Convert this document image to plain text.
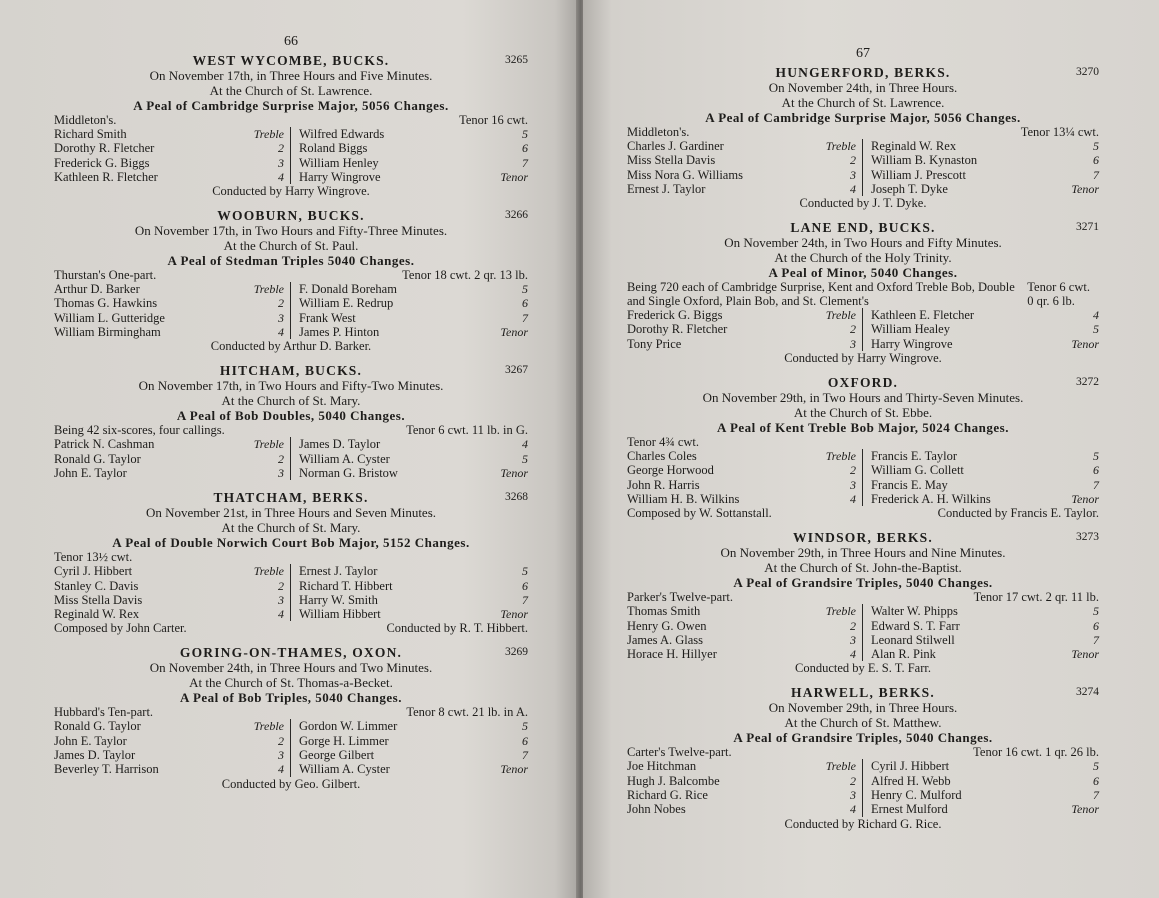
66
WEST WYCOMBE, BUCKS.	3265
On November 17th, in Three Hours and Five Minutes.
At the Church of St. Lawrence.
A Peal of Cambridge Surprise Major, 5056 Changes.
Middleton's.	Tenor 16 cwt.
Richard Smith	Treble Wilfred Edwards	5
Dorothy R. Fletcher	2 Roland Biggs	6
Frederick G. Biggs	3 William Henley	7
Kathleen R. Fletcher	4 Harry Wingrove	Tenor
Conducted by Harry Wingrove.
WOOBURN, BUCKS.	3266
On November 17th, in Two Hours and Fifty-Three Minutes.
At the Church of St. Paul.
A Peal of Stedman Triples 5040 Changes.
Thurstan's One-part.	Tenor 18 cwt. 2 qr. 13 lb.
Arthur D. Barker	Treble F. Donald Boreham	5
Thomas G. Hawkins	2 William E. Redrup	6
William L. Gutteridge	3 Frank West	7
William Birmingham	4 James P. Hinton	Tenor
Conducted by Arthur D. Barker.
HITCHAM, BUCKS.	3267
On November 17th, in Two Hours and Fifty-Two Minutes.
At the Church of St. Mary.
A Peal of Bob Doubles, 5040 Changes.
Being 42 six-scores, four callings.	Tenor 6 cwt. 11 lb. in G.
Patrick N. Cashman	Treble James D. Taylor	4
Ronald G. Taylor	2 William A. Cyster	5
John E. Taylor	3 Norman G. Bristow	Tenor
THATCHAM, BERKS.	3268
On November 21st, in Three Hours and Seven Minutes.
At the Church of St. Mary.
A Peal of Double Norwich Court Bob Major, 5152 Changes.
Tenor 13½ cwt.
Cyril J. Hibbert	Treble Ernest J. Taylor	5
Stanley C. Davis	2 Richard T. Hibbert	6
Miss Stella Davis	3 Harry W. Smith	7
Reginald W. Rex	4 William Hibbert	Tenor
Composed by John Carter.	Conducted by R. T. Hibbert.
GORING-ON-THAMES, OXON.	3269
On November 24th, in Three Hours and Two Minutes.
At the Church of St. Thomas-a-Becket.
A Peal of Bob Triples, 5040 Changes.
Hubbard's Ten-part.	Tenor 8 cwt. 21 lb. in A.
Ronald G. Taylor	Treble Gordon W. Limmer	5
John E. Taylor	2 Gorge H. Limmer	6
James D. Taylor	3 George Gilbert	7
Beverley T. Harrison	4 William A. Cyster	Tenor
Conducted by Geo. Gilbert.
67
HUNGERFORD, BERKS.	3270
On November 24th, in Three Hours.
At the Church of St. Lawrence.
A Peal of Cambridge Surprise Major, 5056 Changes.
Middleton's.	Tenor 13¼ cwt.
Charles J. Gardiner	Treble Reginald W. Rex	5
Miss Stella Davis	2 William B. Kynaston	6
Miss Nora G. Williams	3 William J. Prescott	7
Ernest J. Taylor	4 Joseph T. Dyke	Tenor
Conducted by J. T. Dyke.
LANE END, BUCKS.	3271
On November 24th, in Two Hours and Fifty Minutes.
At the Church of the Holy Trinity.
A Peal of Minor, 5040 Changes.
Being 720 each of Cambridge Surprise, Kent and Oxford Treble Bob, Double and Single Oxford, Plain Bob, and St. Clement's
Tenor 6 cwt. 0 qr. 6 lb.
Frederick G. Biggs	Treble Kathleen E. Fletcher	4
Dorothy R. Fletcher	2 William Healey	5
Tony Price	3 Harry Wingrove	Tenor
Conducted by Harry Wingrove.
OXFORD.	3272
On November 29th, in Two Hours and Thirty-Seven Minutes.
At the Church of St. Ebbe.
A Peal of Kent Treble Bob Major, 5024 Changes.
Tenor 4¾ cwt.
Charles Coles	Treble Francis E. Taylor	5
George Horwood	2 William G. Collett	6
John R. Harris	3 Francis E. May	7
William H. B. Wilkins	4 Frederick A. H. Wilkins	Tenor
Composed by W. Sottanstall.	Conducted by Francis E. Taylor.
WINDSOR, BERKS.	3273
On November 29th, in Three Hours and Nine Minutes.
At the Church of St. John-the-Baptist.
A Peal of Grandsire Triples, 5040 Changes.
Parker's Twelve-part.	Tenor 17 cwt. 2 qr. 11 lb.
Thomas Smith	Treble Walter W. Phipps	5
Henry G. Owen	2 Edward S. T. Farr	6
James A. Glass	3 Leonard Stilwell	7
Horace H. Hillyer	4 Alan R. Pink	Tenor
Conducted by E. S. T. Farr.
HARWELL, BERKS.	3274
On November 29th, in Three Hours.
At the Church of St. Matthew.
A Peal of Grandsire Triples, 5040 Changes.
Carter's Twelve-part.	Tenor 16 cwt. 1 qr. 26 lb.
Joe Hitchman	Treble Cyril J. Hibbert	5
Hugh J. Balcombe	2 Alfred H. Webb	6
Richard G. Rice	3 Henry C. Mulford	7
John Nobes	4 Ernest Mulford	Tenor
Conducted by Richard G. Rice.
